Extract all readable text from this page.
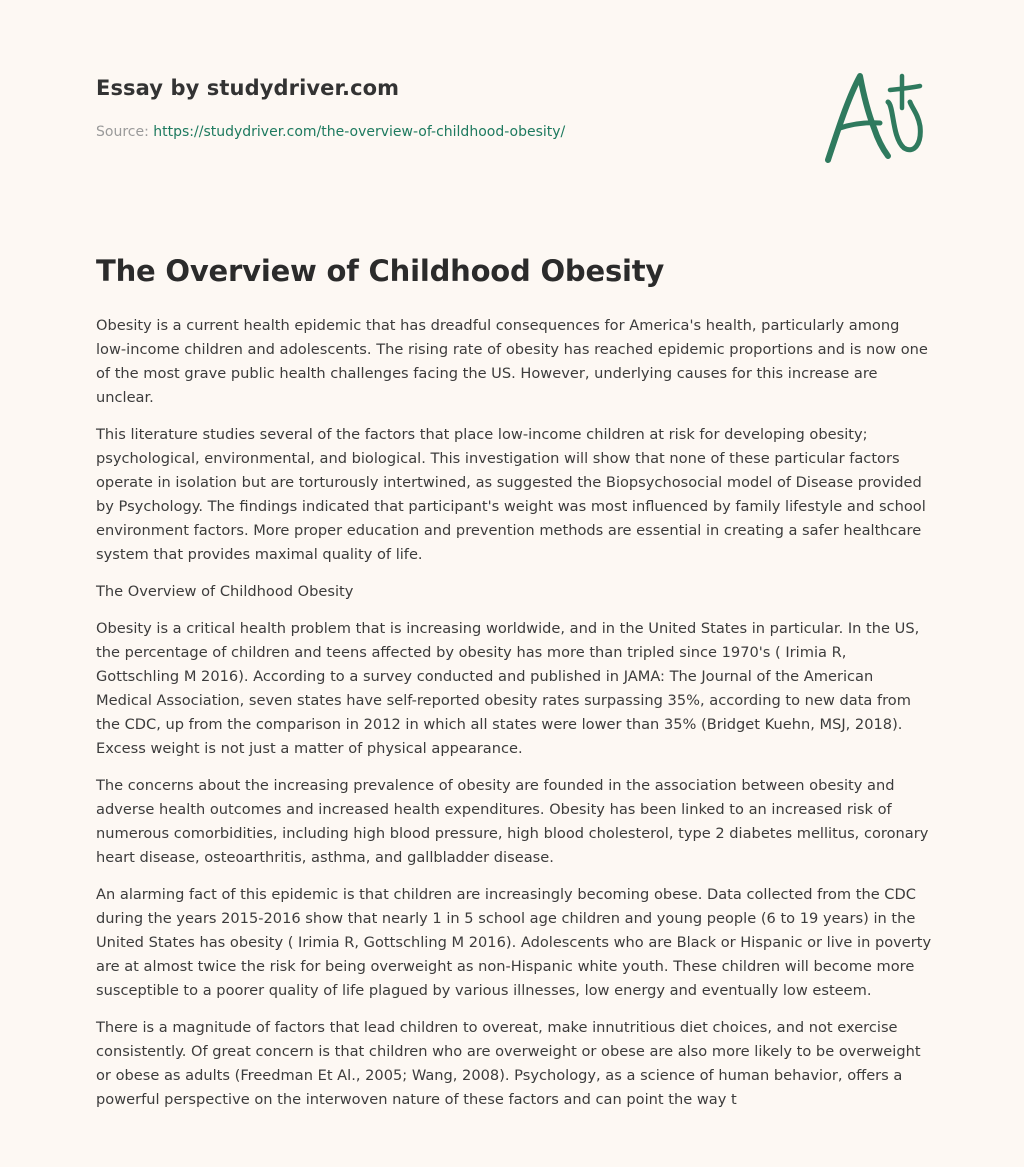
Essay by studydriver.com
Source: https://studydriver.com/the-overview-of-childhood-obesity/
The Overview of Childhood Obesity

Obesity is a current health epidemic that has dreadful consequences for America's health, particularly among low-income children and adolescents. The rising rate of obesity has reached epidemic proportions and is now one of the most grave public health challenges facing the US. However, underlying causes for this increase are unclear.

This literature studies several of the factors that place low-income children at risk for developing obesity; psychological, environmental, and biological. This investigation will show that none of these particular factors operate in isolation but are torturously intertwined, as suggested the Biopsychosocial model of Disease provided by Psychology. The findings indicated that participant's weight was most influenced by family lifestyle and school environment factors. More proper education and prevention methods are essential in creating a safer healthcare system that provides maximal quality of life.

The Overview of Childhood Obesity

Obesity is a critical health problem that is increasing worldwide, and in the United States in particular. In the US, the percentage of children and teens affected by obesity has more than tripled since 1970's ( Irimia R, Gottschling M 2016). According to a survey conducted and published in JAMA: The Journal of the American Medical Association, seven states have self-reported obesity rates surpassing 35%, according to new data from the CDC, up from the comparison in 2012 in which all states were lower than 35% (Bridget Kuehn, MSJ, 2018). Excess weight is not just a matter of physical appearance.

The concerns about the increasing prevalence of obesity are founded in the association between obesity and adverse health outcomes and increased health expenditures. Obesity has been linked to an increased risk of numerous comorbidities, including high blood pressure, high blood cholesterol, type 2 diabetes mellitus, coronary heart disease, osteoarthritis, asthma, and gallbladder disease.

An alarming fact of this epidemic is that children are increasingly becoming obese. Data collected from the CDC during the years 2015-2016 show that nearly 1 in 5 school age children and young people (6 to 19 years) in the United States has obesity ( Irimia R, Gottschling M 2016). Adolescents who are Black or Hispanic or live in poverty are at almost twice the risk for being overweight as non-Hispanic white youth. These children will become more susceptible to a poorer quality of life plagued by various illnesses, low energy and eventually low esteem.

There is a magnitude of factors that lead children to overeat, make innutritious diet choices, and not exercise consistently. Of great concern is that children who are overweight or obese are also more likely to be overweight or obese as adults (Freedman Et Al., 2005; Wang, 2008). Psychology, as a science of human behavior, offers a powerful perspective on the interwoven nature of these factors and can point the way t
